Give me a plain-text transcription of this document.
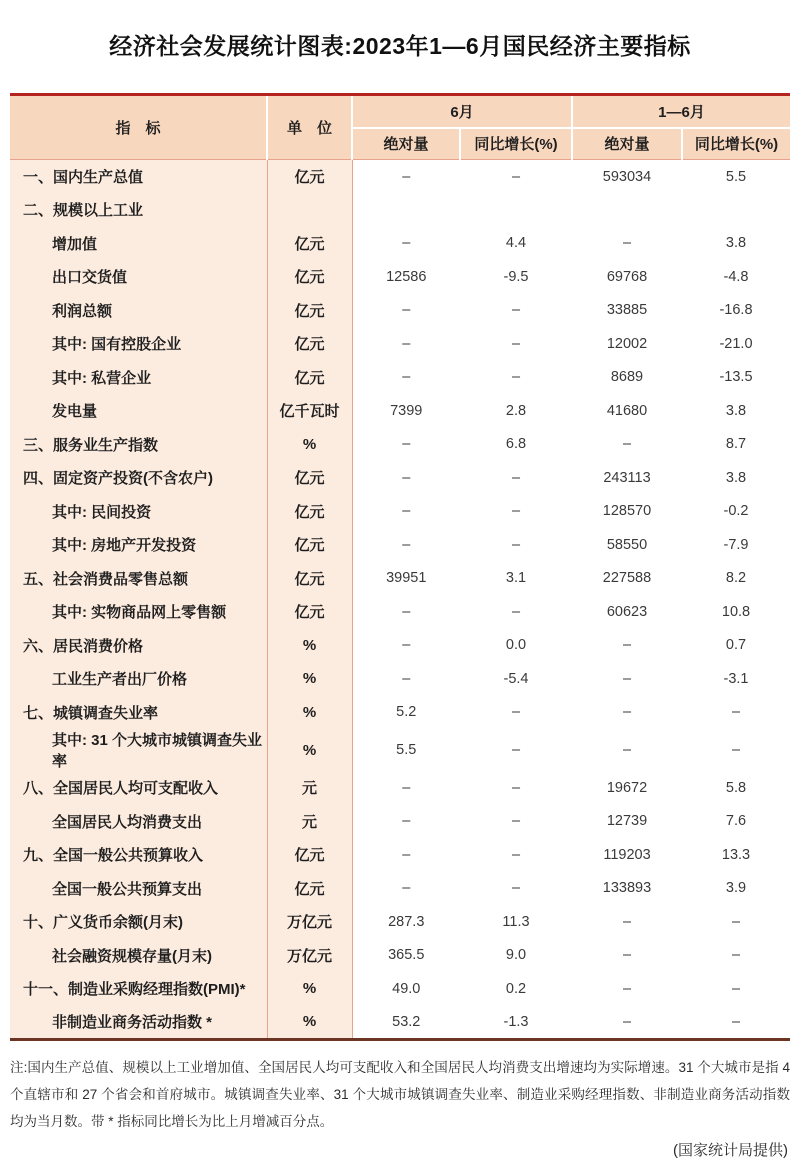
经济社会发展统计图表:2023年1—6月国民经济主要指标
指　标	单　位	6月		1—6月	
		绝对量	同比增长(%)	绝对量	同比增长(%)
一、国内生产总值	亿元	–	–	593034	5.5
二、规模以上工业					
增加值	亿元	–	4.4	–	3.8
出口交货值	亿元	12586	-9.5	69768	-4.8
利润总额	亿元	–	–	33885	-16.8
其中: 国有控股企业	亿元	–	–	12002	-21.0
其中: 私营企业	亿元	–	–	8689	-13.5
发电量	亿千瓦时	7399	2.8	41680	3.8
三、服务业生产指数	%	–	6.8	–	8.7
四、固定资产投资(不含农户)	亿元	–	–	243113	3.8
其中: 民间投资	亿元	–	–	128570	-0.2
其中: 房地产开发投资	亿元	–	–	58550	-7.9
五、社会消费品零售总额	亿元	39951	3.1	227588	8.2
其中: 实物商品网上零售额	亿元	–	–	60623	10.8
六、居民消费价格	%	–	0.0	–	0.7
工业生产者出厂价格	%	–	-5.4	–	-3.1
七、城镇调查失业率	%	5.2	–	–	–
其中: 31 个大城市城镇调查失业率	%	5.5	–	–	–
八、全国居民人均可支配收入	元	–	–	19672	5.8
全国居民人均消费支出	元	–	–	12739	7.6
九、全国一般公共预算收入	亿元	–	–	119203	13.3
全国一般公共预算支出	亿元	–	–	133893	3.9
十、广义货币余额(月末)	万亿元	287.3	11.3	–	–
社会融资规模存量(月末)	万亿元	365.5	9.0	–	–
十一、制造业采购经理指数(PMI)*	%	49.0	0.2	–	–
非制造业商务活动指数 *	%	53.2	-1.3	–	–

注:国内生产总值、规模以上工业增加值、全国居民人均可支配收入和全国居民人均消费支出增速均为实际增速。31 个大城市是指 4 个直辖市和 27 个省会和首府城市。城镇调查失业率、31 个大城市城镇调查失业率、制造业采购经理指数、非制造业商务活动指数均为当月数。带 * 指标同比增长为比上月增减百分点。

(国家统计局提供)
